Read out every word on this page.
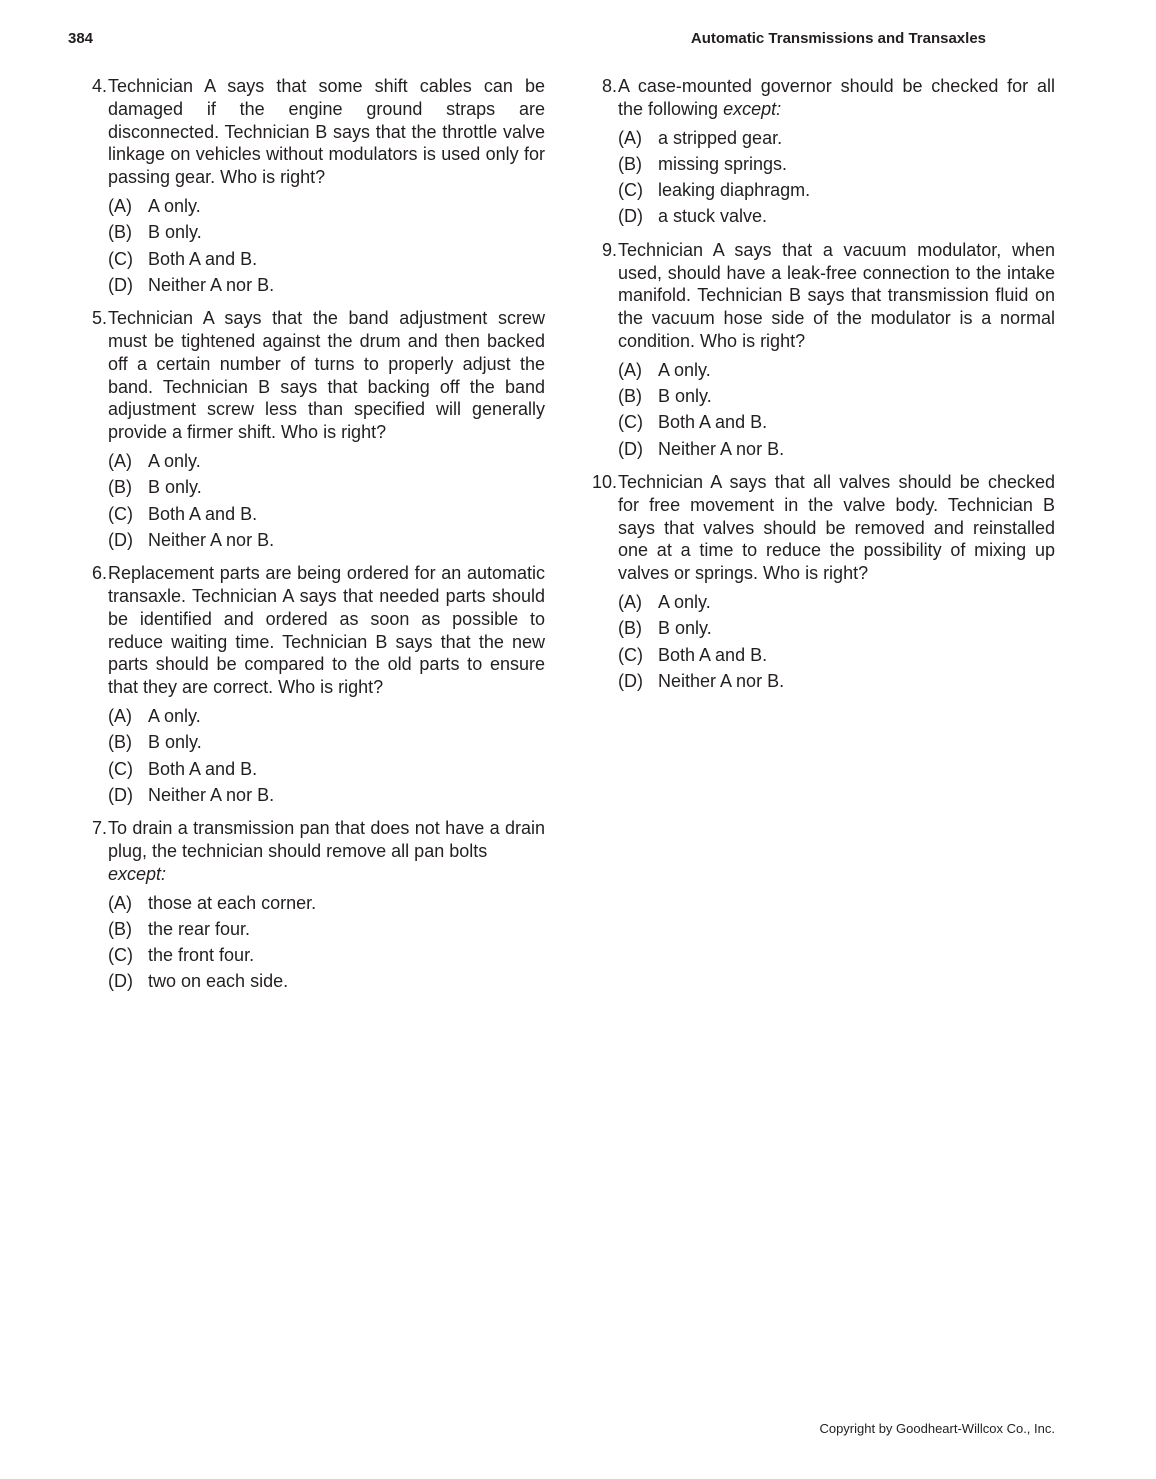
384	Automatic Transmissions and Transaxles
4. Technician A says that some shift cables can be damaged if the engine ground straps are disconnected. Technician B says that the throttle valve linkage on vehicles without modulators is used only for passing gear. Who is right?
(A) A only.
(B) B only.
(C) Both A and B.
(D) Neither A nor B.
5. Technician A says that the band adjustment screw must be tightened against the drum and then backed off a certain number of turns to properly adjust the band. Technician B says that backing off the band adjustment screw less than specified will generally provide a firmer shift. Who is right?
(A) A only.
(B) B only.
(C) Both A and B.
(D) Neither A nor B.
6. Replacement parts are being ordered for an automatic transaxle. Technician A says that needed parts should be identified and ordered as soon as possible to reduce waiting time. Technician B says that the new parts should be compared to the old parts to ensure that they are correct. Who is right?
(A) A only.
(B) B only.
(C) Both A and B.
(D) Neither A nor B.
7. To drain a transmission pan that does not have a drain plug, the technician should remove all pan bolts
except:
(A) those at each corner.
(B) the rear four.
(C) the front four.
(D) two on each side.
8. A case-mounted governor should be checked for all the following except:
(A) a stripped gear.
(B) missing springs.
(C) leaking diaphragm.
(D) a stuck valve.
9. Technician A says that a vacuum modulator, when used, should have a leak-free connection to the intake manifold. Technician B says that transmission fluid on the vacuum hose side of the modulator is a normal condition. Who is right?
(A) A only.
(B) B only.
(C) Both A and B.
(D) Neither A nor B.
10. Technician A says that all valves should be checked for free movement in the valve body. Technician B says that valves should be removed and reinstalled one at a time to reduce the possibility of mixing up valves or springs. Who is right?
(A) A only.
(B) B only.
(C) Both A and B.
(D) Neither A nor B.
Copyright by Goodheart-Willcox Co., Inc.
